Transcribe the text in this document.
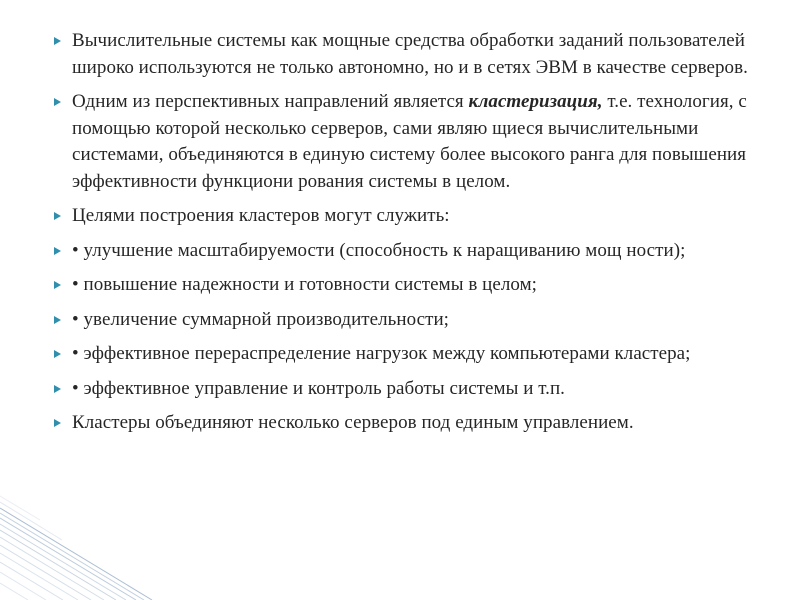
Вычислительные системы как мощные средства обработки заданий пользователей широко используются не только автономно, но и в сетях ЭВМ в качестве серверов.
Одним из перспективных направлений является кластеризация, т.е. технология, с помощью которой несколько серверов, сами являю щиеся вычислительными системами, объединяются в единую систему более высокого ранга для повышения эффективности функциони рования системы в целом.
Целями построения кластеров могут служить:
• улучшение масштабируемости (способность к наращиванию мощ ности);
• повышение надежности и готовности системы в целом;
• увеличение суммарной производительности;
• эффективное перераспределение нагрузок между компьютерами кластера;
• эффективное управление и контроль работы системы и т.п.
Кластеры объединяют несколько серверов под единым управлением.
